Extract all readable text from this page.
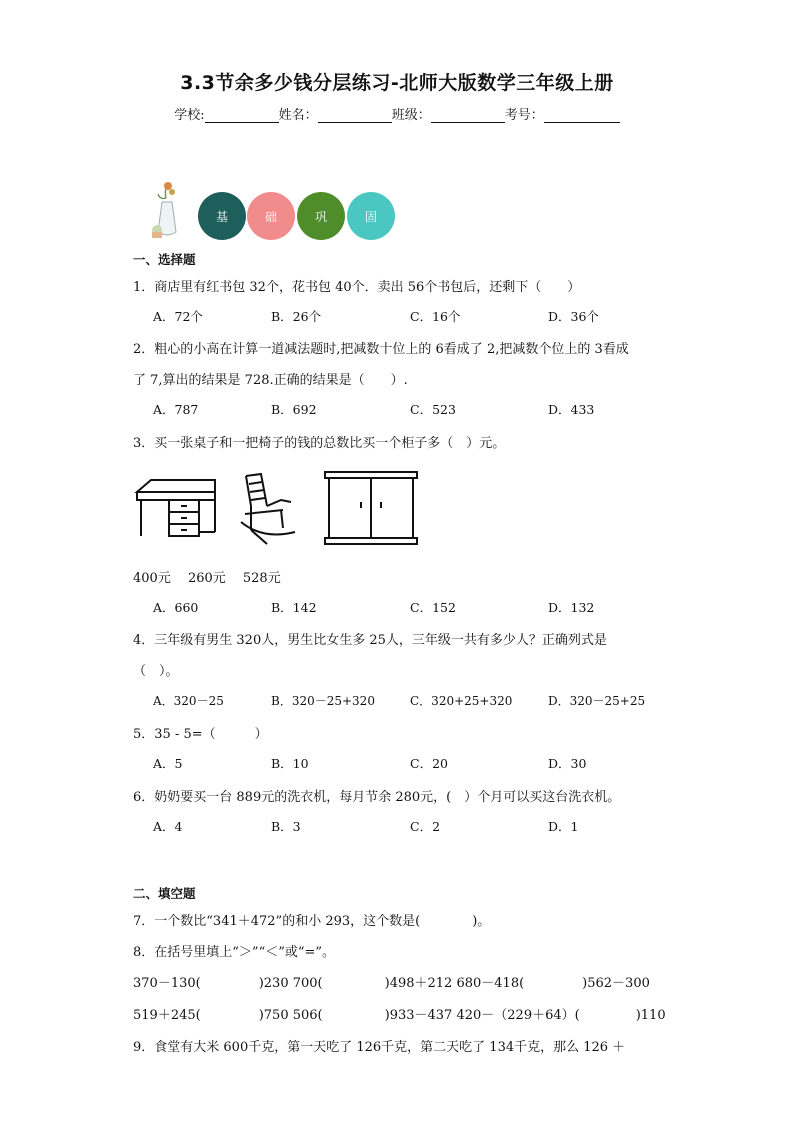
3.3节余多少钱分层练习-北师大版数学三年级上册
学校:	姓名：	班级：	考号：
基	础	巩	固
一、选择题
1．商店里有红书包 32个，花书包 40个．卖出 56个书包后，还剩下（　　）
A．72个	B．26个	C．16个	D．36个
2．粗心的小高在计算一道减法题时,把减数十位上的 6看成了 2,把减数个位上的 3看成
了 7,算出的结果是 728.正确的结果是（　　）.
A．787	B．692	C．523	D．433
3．买一张桌子和一把椅子的钱的总数比买一个柜子多（　）元。
400元　 260元　 528元
A．660	B．142	C．152	D．132
4．三年级有男生 320人，男生比女生多 25人，三年级一共有多少人？正确列式是
（　）。
A．320－25	B．320－25+320	C．320+25+320	D．320－25+25
5．35 - 5=（　　　）
A．5	B．10	C．20	D．30
6．奶奶要买一台 889元的洗衣机，每月节余 280元，(　）个月可以买这台洗衣机。
A．4	B．3	C．2	D．1
二、填空题
7．一个数比“341＋472”的和小 293，这个数是(　　　　)。
8．在括号里填上“＞”“＜”或“=”。
370－130(	)230 700(	)498＋212 680－418(	)562－300
519＋245(	)750 506(	)933－437 420－（229＋64）(	)110
9．食堂有大米 600千克，第一天吃了 126千克，第二天吃了 134千克，那么 126 ＋
